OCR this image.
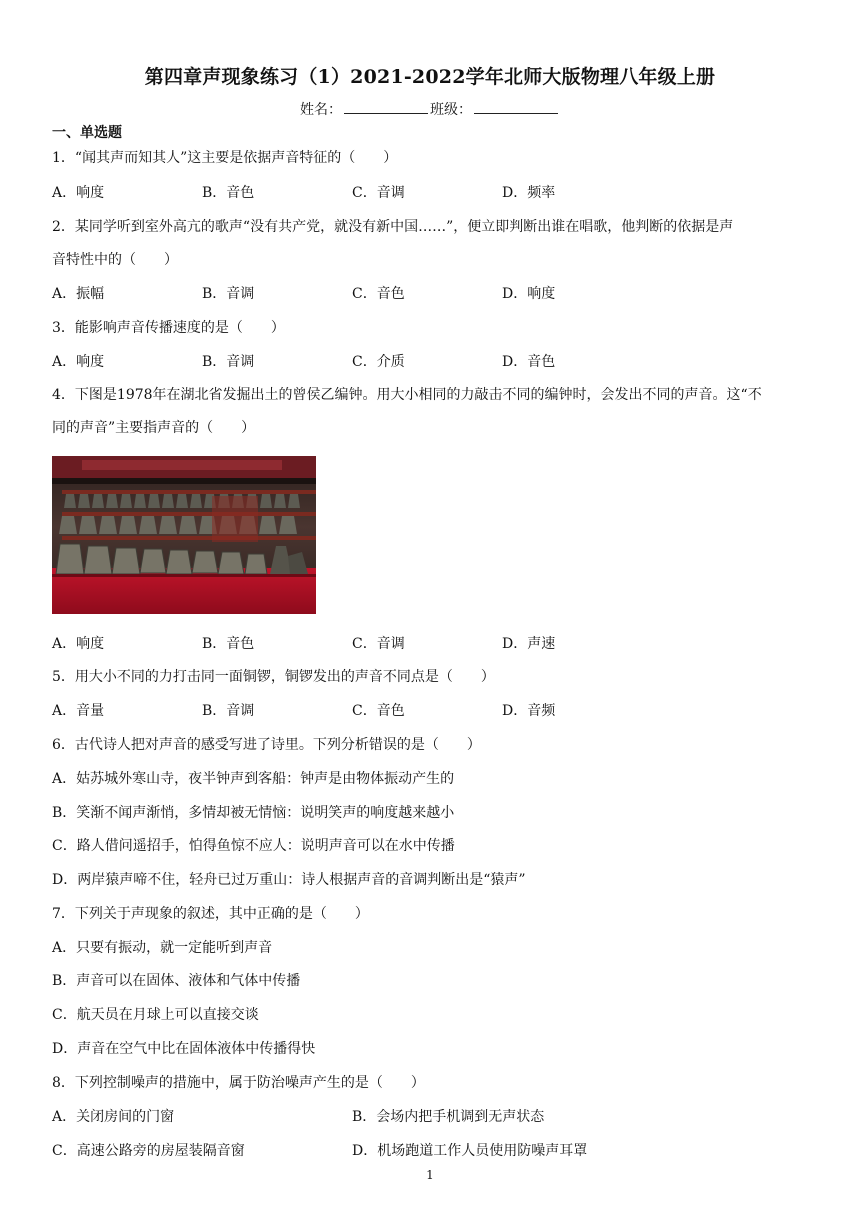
第四章声现象练习（1）2021-2022学年北师大版物理八年级上册
姓名：	班级：
一、单选题
1．“闻其声而知其人”这主要是依据声音特征的（　　）
A．响度	B．音色	C．音调	D．频率
2．某同学听到室外高亢的歌声“没有共产党，就没有新中国……”，便立即判断出谁在唱歌，他判断的依据是声
音特性中的（　　）
A．振幅	B．音调	C．音色	D．响度
3．能影响声音传播速度的是（　　）
A．响度	B．音调	C．介质	D．音色
4．下图是1978年在湖北省发掘出土的曾侯乙编钟。用大小相同的力敲击不同的编钟时，会发出不同的声音。这“不
同的声音”主要指声音的（　　）
A．响度	B．音色	C．音调	D．声速
5．用大小不同的力打击同一面铜锣，铜锣发出的声音不同点是（　　）
A．音量	B．音调	C．音色	D．音频
6．古代诗人把对声音的感受写进了诗里。下列分析错误的是（　　）
A．姑苏城外寒山寺，夜半钟声到客船：钟声是由物体振动产生的
B．笑渐不闻声渐悄，多情却被无情恼：说明笑声的响度越来越小
C．路人借问遥招手，怕得鱼惊不应人：说明声音可以在水中传播
D．两岸猿声啼不住，轻舟已过万重山：诗人根据声音的音调判断出是“猿声”
7．下列关于声现象的叙述，其中正确的是（　　）
A．只要有振动，就一定能听到声音
B．声音可以在固体、液体和气体中传播
C．航天员在月球上可以直接交谈
D．声音在空气中比在固体液体中传播得快
8．下列控制噪声的措施中，属于防治噪声产生的是（　　）
A．关闭房间的门窗	B．会场内把手机调到无声状态
C．高速公路旁的房屋装隔音窗	D．机场跑道工作人员使用防噪声耳罩
1
